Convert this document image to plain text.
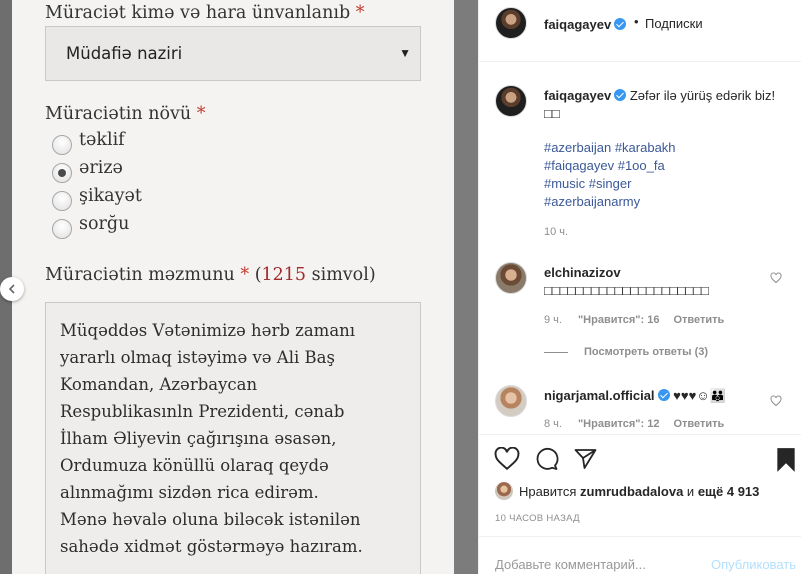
Müraciət kimə və hara ünvanlanıb *
Müdafiə naziri	▼
Müraciətin növü *
təklif
ərizə
şikayət
sorğu
Müraciətin məzmunu * (1215 simvol)
Müqəddəs Vətənimizə hərb zamanı
yararlı olmaq istəyimə və Ali Baş
Komandan, Azərbaycan
Respublikasınln Prezidenti, cənab
İlham Əliyevin çağırışına əsasən,
Ordumuza könüllü olaraq qeydə
alınmağımı sizdən rica edirəm.
Mənə həvalə oluna biləcək istənilən
sahədə xidmət göstərməyə hazıram.
faiqagayev	• Подписки
faiqagayev Zəfər ilə yürüş edərik biz! □□
#azerbaijan #karabakh
#faiqagayev #1oo_fa
#music #singer
#azerbaijanarmy
10 ч.
elchinazizov □□□□□□□□□□□□□□□□□□□□□
9 ч. "Нравится": 16 Ответить
Посмотреть ответы (3)
nigarjamal.official ♥♥♥☺👪
8 ч. "Нравится": 12 Ответить
Нравится zumrudbadalova и ещё 4 913
10 ЧАСОВ НАЗАД
Добавьте комментарий...	Опубликовать
